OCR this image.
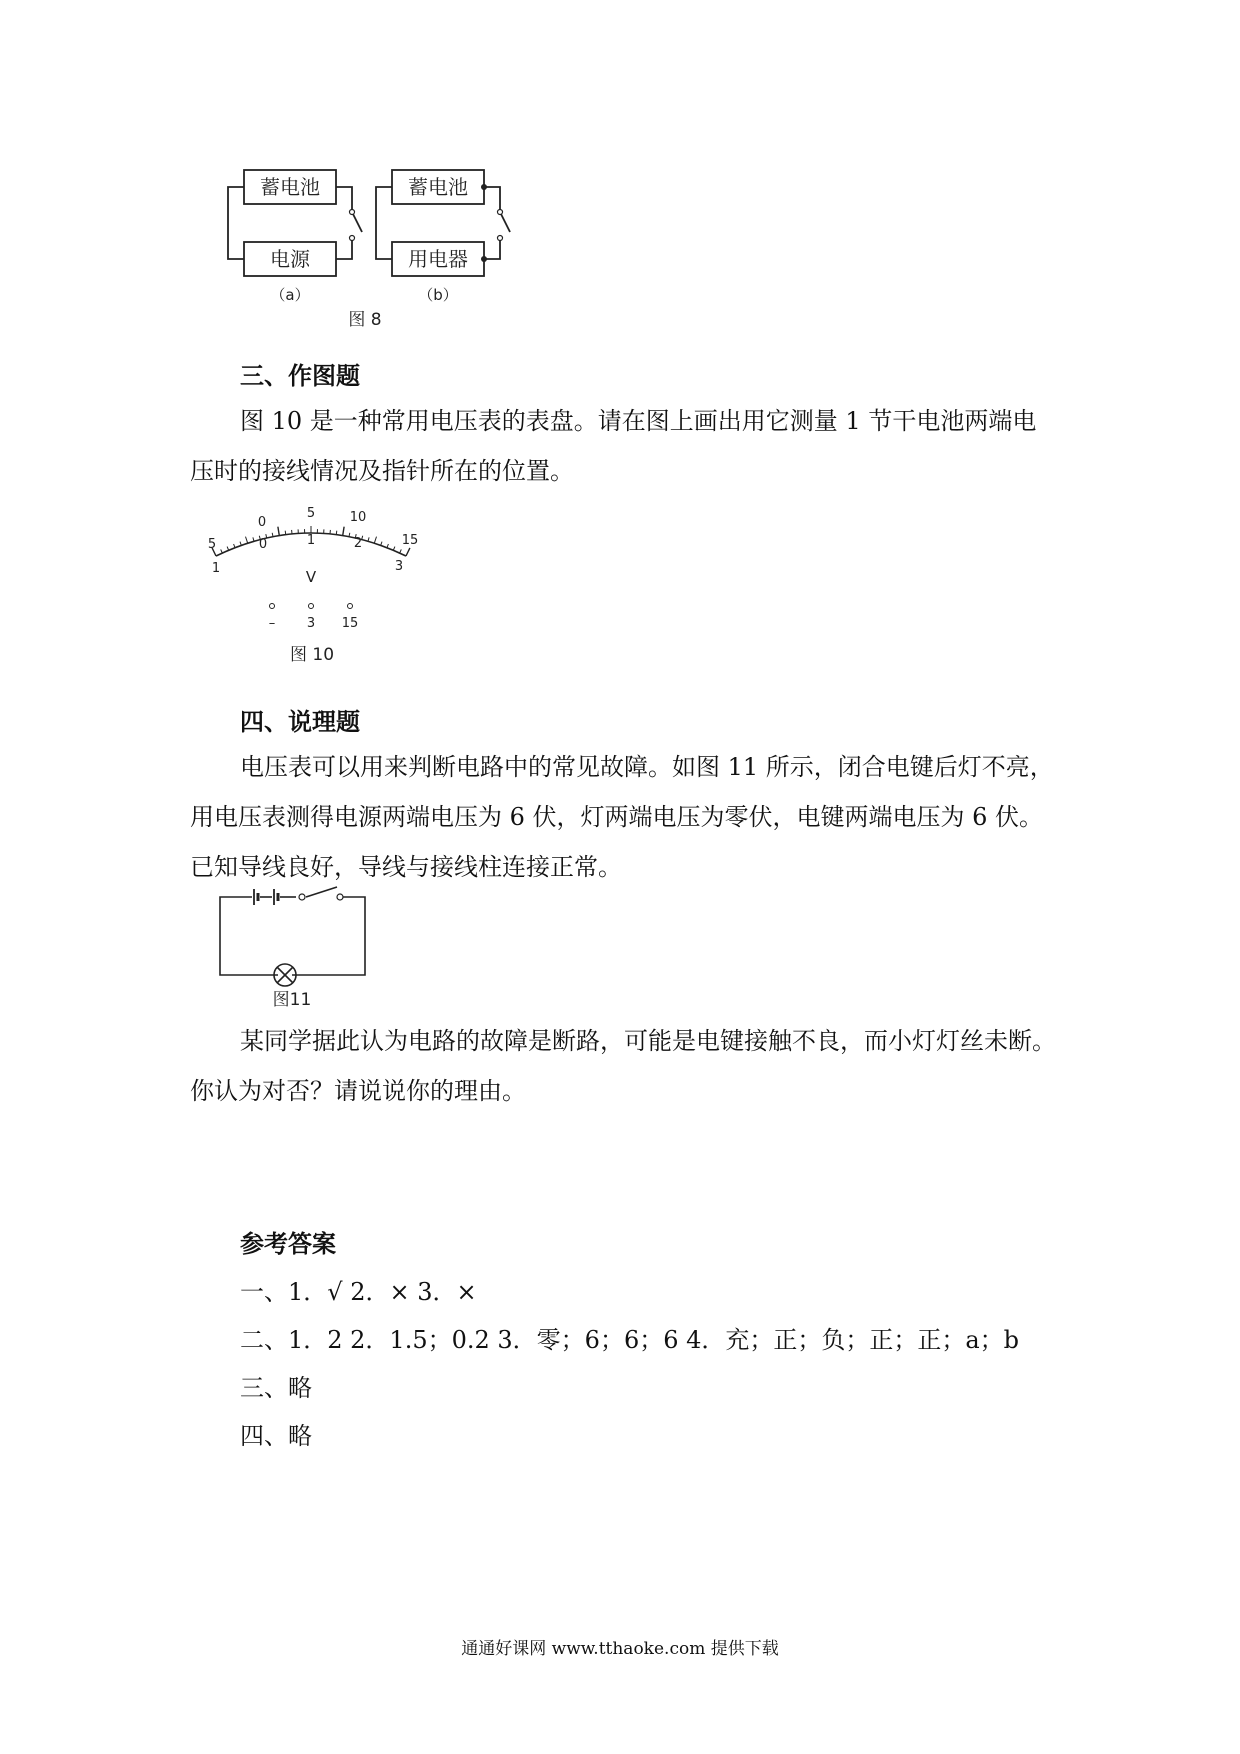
蓄电池
电源
蓄电池
用电器
（a）	（b）
图 8
三、作图题
图 10 是一种常用电压表的表盘。请在图上画出用它测量 1 节干电池两端电
压时的接线情况及指针所在的位置。
5
0
5	10
15
1
0	1	2
3
V
– 3 15
图 10
四、说理题
电压表可以用来判断电路中的常见故障。如图 11 所示，闭合电键后灯不亮，
用电压表测得电源两端电压为 6 伏，灯两端电压为零伏，电键两端电压为 6 伏。
已知导线良好，导线与接线柱连接正常。
图11
某同学据此认为电路的故障是断路，可能是电键接触不良，而小灯灯丝未断。
你认为对否？请说说你的理由。
参考答案
一、1．√ 2．× 3．×
二、1．2 2．1.5；0.2 3．零；6；6；6 4．充；正；负；正；正；a；b
三、略
四、略
通通好课网 www.tthaoke.com 提供下载
